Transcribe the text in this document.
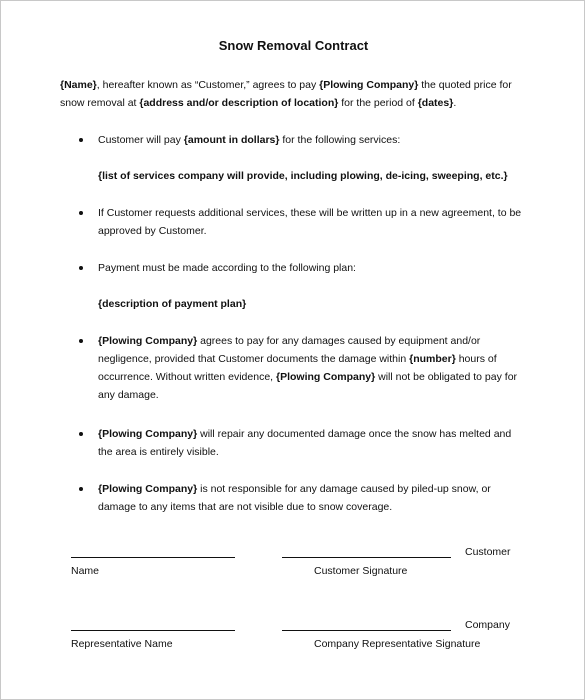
Snow Removal Contract
{Name}, hereafter known as “Customer,” agrees to pay {Plowing Company} the quoted price for snow removal at {address and/or description of location} for the period of {dates}.
Customer will pay {amount in dollars} for the following services:
{list of services company will provide, including plowing, de-icing, sweeping, etc.}
If Customer requests additional services, these will be written up in a new agreement, to be approved by Customer.
Payment must be made according to the following plan:
{description of payment plan}
{Plowing Company} agrees to pay for any damages caused by equipment and/or negligence, provided that Customer documents the damage within {number} hours of occurrence. Without written evidence, {Plowing Company} will not be obligated to pay for any damage.
{Plowing Company} will repair any documented damage once the snow has melted and the area is entirely visible.
{Plowing Company} is not responsible for any damage caused by piled-up snow, or damage to any items that are not visible due to snow coverage.
Customer
Name	Customer Signature
Company
Representative Name	Company Representative Signature
